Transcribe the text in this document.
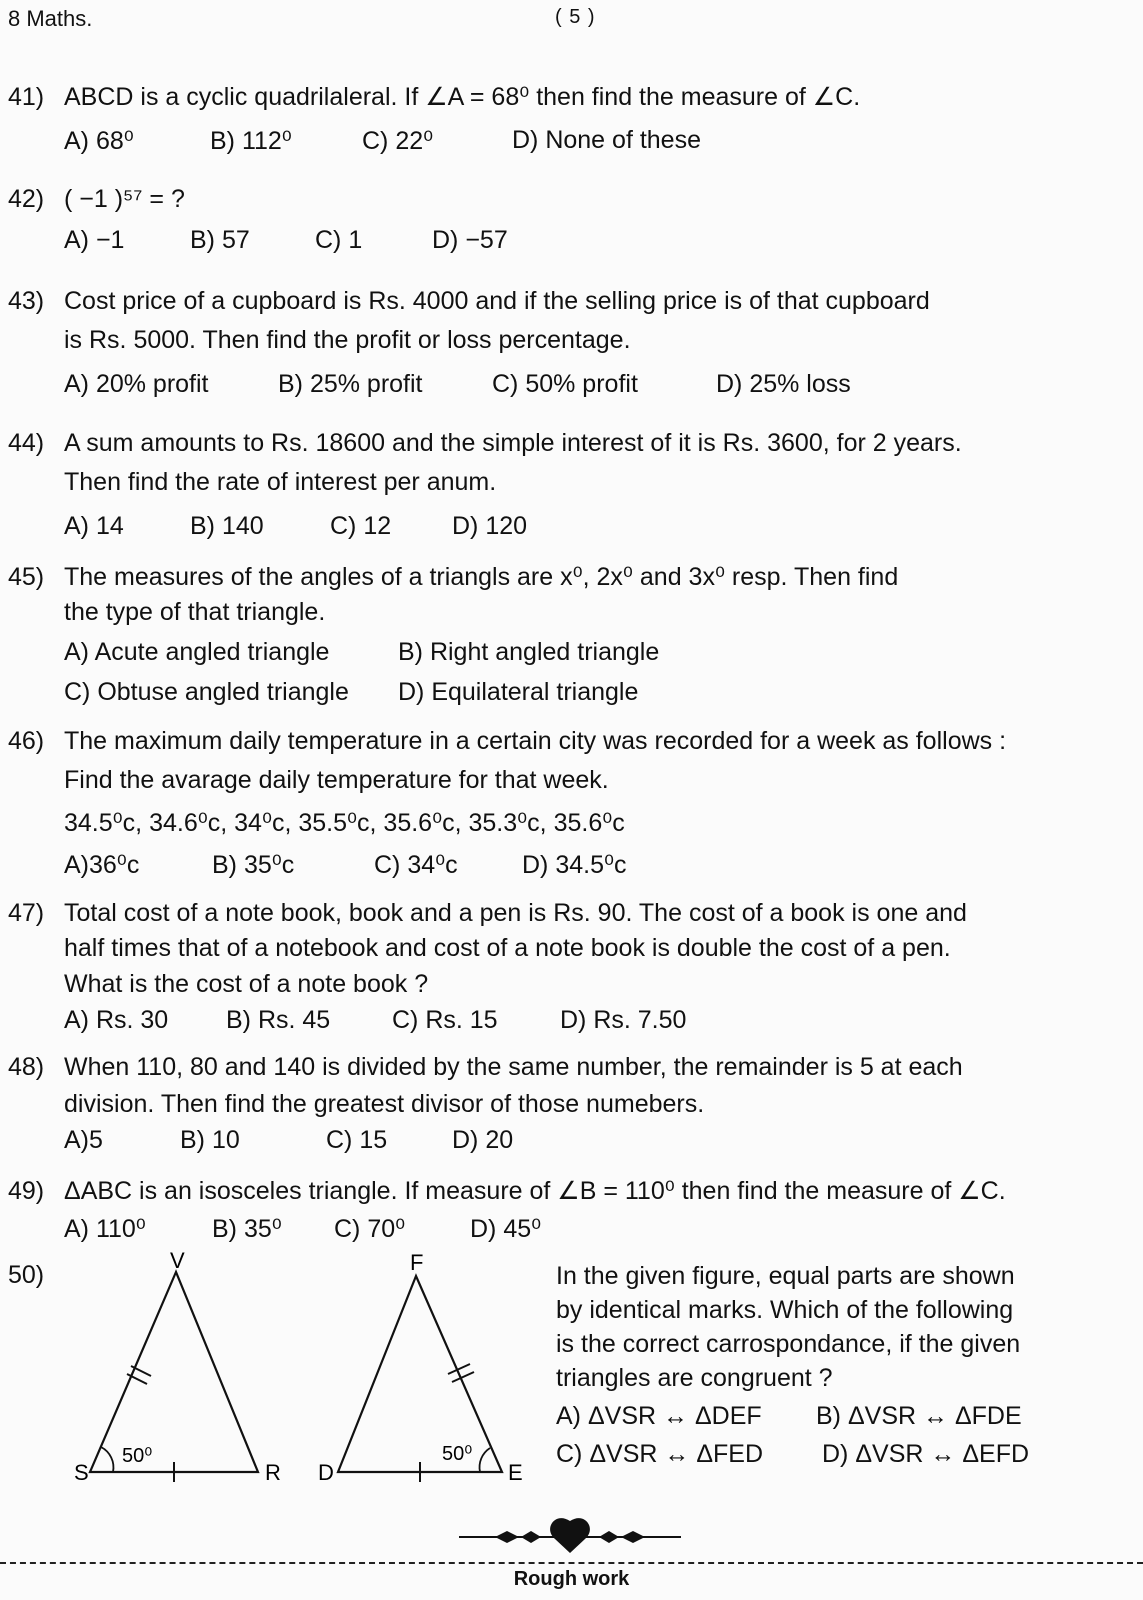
8 Maths.	( 5 )
41) ABCD is a cyclic quadrilaleral. If ∠A = 68⁰ then find the measure of ∠C.
A) 68⁰	B) 112⁰	C) 22⁰	D) None of these
42) ( −1 )⁵⁷ = ?
A) −1	B) 57	C) 1	D) −57
43) Cost price of a cupboard is Rs. 4000 and if the selling price is of that cupboard
is Rs. 5000. Then find the profit or loss percentage.
A) 20% profit	B) 25% profit	C) 50% profit	D) 25% loss
44) A sum amounts to Rs. 18600 and the simple interest of it is Rs. 3600, for 2 years.
Then find the rate of interest per anum.
A) 14	B) 140	C) 12 D) 120
45) The measures of the angles of a triangls are x⁰, 2x⁰ and 3x⁰ resp. Then find
the type of that triangle.
A) Acute angled triangle	B) Right angled triangle
C) Obtuse angled triangle D) Equilateral triangle
46) The maximum daily temperature in a certain city was recorded for a week as follows :
Find the avarage daily temperature for that week.
34.5⁰c, 34.6⁰c, 34⁰c, 35.5⁰c, 35.6⁰c, 35.3⁰c, 35.6⁰c
A)36⁰c	B) 35⁰c	C) 34⁰c	D) 34.5⁰c
47) Total cost of a note book, book and a pen is Rs. 90. The cost of a book is one and
half times that of a notebook and cost of a note book is double the cost of a pen.
What is the cost of a note book ?
A) Rs. 30 B) Rs. 45 C) Rs. 15 D) Rs. 7.50
48) When 110, 80 and 140 is divided by the same number, the remainder is 5 at each
division. Then find the greatest divisor of those numebers.
A)5	B) 10	C) 15	D) 20
49) ΔABC is an isosceles triangle. If measure of ∠B = 110⁰ then find the measure of ∠C.
A) 110⁰	B) 35⁰ C) 70⁰	D) 45⁰
50)
V
S	R
50⁰
F
D	E
50⁰
In the given figure, equal parts are shown
by identical marks. Which of the following
is the correct carrospondance, if the given
triangles are congruent ?
A) ΔVSR ↔ ΔDEF B) ΔVSR ↔ ΔFDE
C) ΔVSR ↔ ΔFED D) ΔVSR ↔ ΔEFD
Rough work
